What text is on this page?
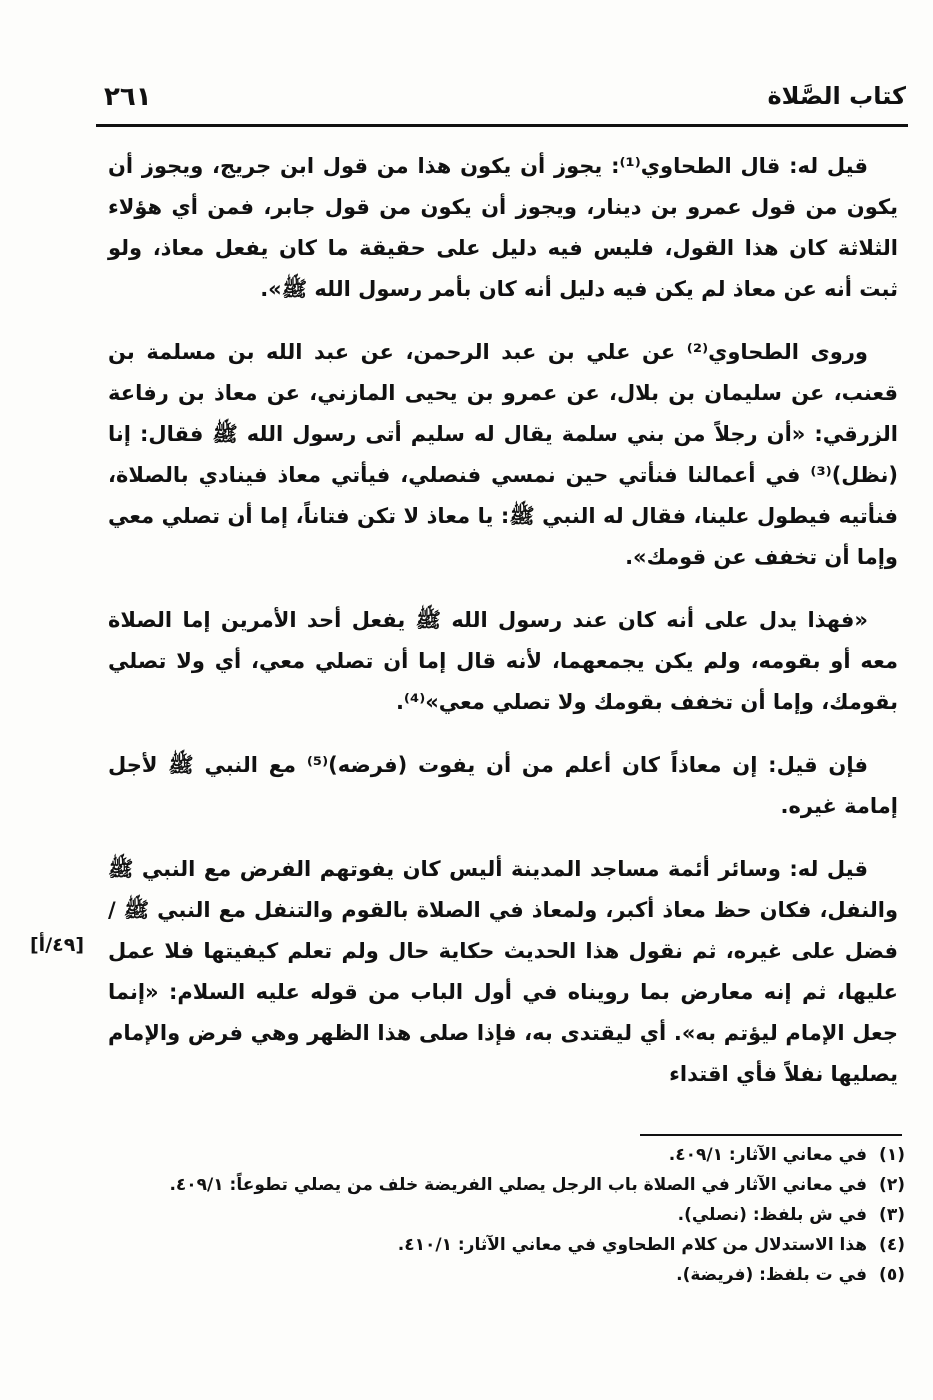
كتاب الصَّلاة
٢٦١

قيل له: قال الطحاوي⁽¹⁾: يجوز أن يكون هذا من قول ابن جريج، ويجوز أن يكون من قول عمرو بن دينار، ويجوز أن يكون من قول جابر، فمن أي هؤلاء الثلاثة كان هذا القول، فليس فيه دليل على حقيقة ما كان يفعل معاذ، ولو ثبت أنه عن معاذ لم يكن فيه دليل أنه كان بأمر رسول الله ﷺ».

وروى الطحاوي⁽²⁾ عن علي بن عبد الرحمن، عن عبد الله بن مسلمة بن قعنب، عن سليمان بن بلال، عن عمرو بن يحيى المازني، عن معاذ بن رفاعة الزرقي: «أن رجلاً من بني سلمة يقال له سليم أتى رسول الله ﷺ فقال: إنا (نظل)⁽³⁾ في أعمالنا فنأتي حين نمسي فنصلي، فيأتي معاذ فينادي بالصلاة، فنأتيه فيطول علينا، فقال له النبي ﷺ: يا معاذ لا تكن فتاناً، إما أن تصلي معي وإما أن تخفف عن قومك».

«فهذا يدل على أنه كان عند رسول الله ﷺ يفعل أحد الأمرين إما الصلاة معه أو بقومه، ولم يكن يجمعهما، لأنه قال إما أن تصلي معي، أي ولا تصلي بقومك، وإما أن تخفف بقومك ولا تصلي معي»⁽⁴⁾.

فإن قيل: إن معاذاً كان أعلم من أن يفوت (فرضه)⁽⁵⁾ مع النبي ﷺ لأجل إمامة غيره.

قيل له: وسائر أئمة مساجد المدينة أليس كان يفوتهم الفرض مع النبي ﷺ والنفل، فكان حظ معاذ أكبر، ولمعاذ في الصلاة بالقوم والتنفل مع النبي ﷺ / فضل على غيره، ثم نقول هذا الحديث حكاية حال ولم تعلم كيفيتها فلا عمل عليها، ثم إنه معارض بما رويناه في أول الباب من قوله عليه السلام: «إنما جعل الإمام ليؤتم به». أي ليقتدى به، فإذا صلى هذا الظهر وهي فرض والإمام يصليها نفلاً فأي اقتداء

[٤٩/أ]
(١)في معاني الآثار: ٤٠٩/١.
(٢)في معاني الآثار في الصلاة باب الرجل يصلي الفريضة خلف من يصلي تطوعاً: ٤٠٩/١.
(٣)في ش بلفظ: (نصلي).
(٤)هذا الاستدلال من كلام الطحاوي في معاني الآثار: ٤١٠/١.
(٥)في ت بلفظ: (فريضة).
